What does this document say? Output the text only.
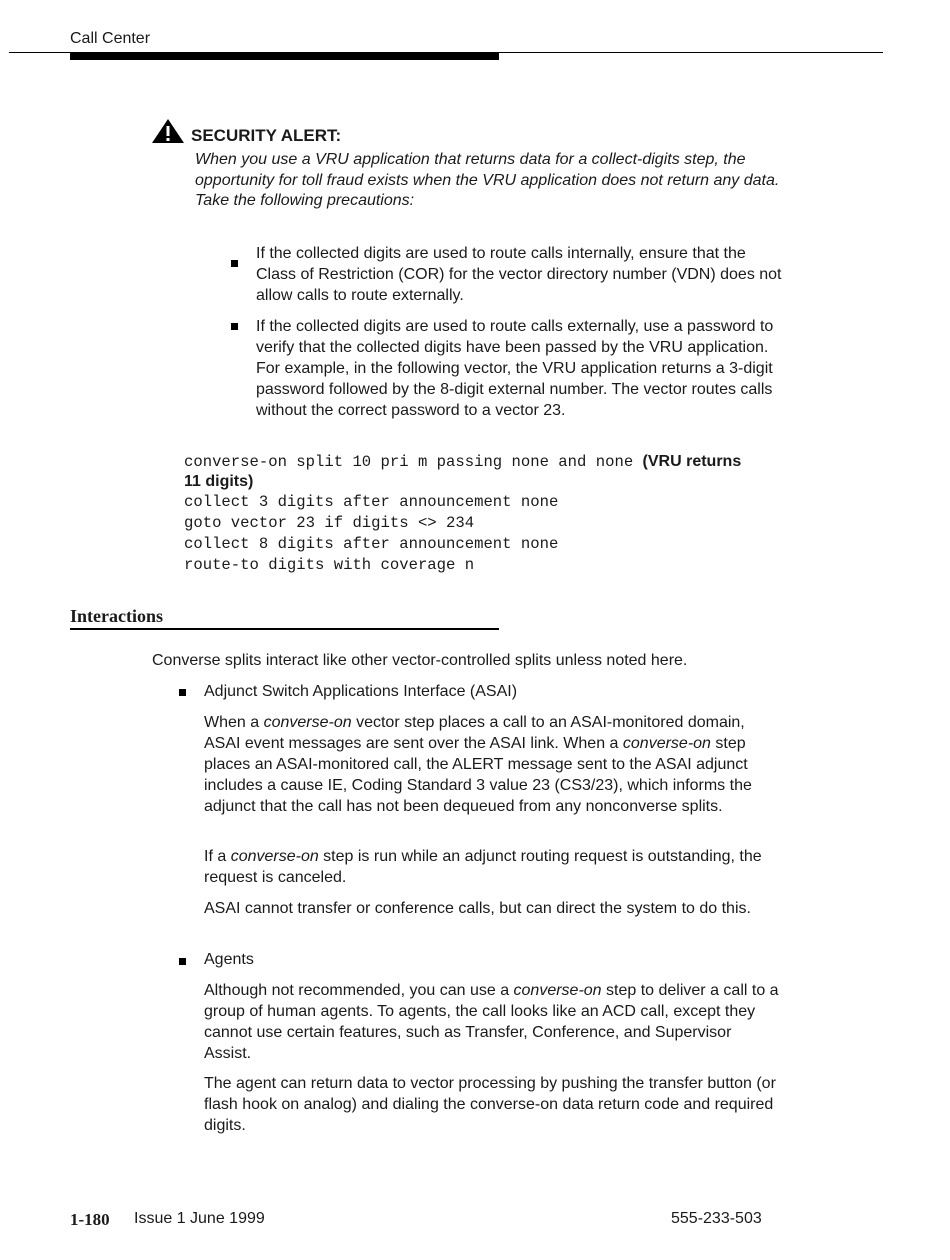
Call Center
SECURITY ALERT:
When you use a VRU application that returns data for a collect-digits step, the opportunity for toll fraud exists when the VRU application does not return any data. Take the following precautions:
If the collected digits are used to route calls internally, ensure that the Class of Restriction (COR) for the vector directory number (VDN) does not allow calls to route externally.
If the collected digits are used to route calls externally, use a password to verify that the collected digits have been passed by the VRU application. For example, in the following vector, the VRU application returns a 3-digit password followed by the 8-digit external number. The vector routes calls without the correct password to a vector 23.
converse-on split 10 pri m passing none and none (VRU returns
11 digits)
collect 3 digits after announcement none
goto vector 23 if digits <> 234
collect 8 digits after announcement none
route-to digits with coverage n
Interactions
Converse splits interact like other vector-controlled splits unless noted here.
Adjunct Switch Applications Interface (ASAI)
When a converse-on vector step places a call to an ASAI-monitored domain, ASAI event messages are sent over the ASAI link. When a converse-on step places an ASAI-monitored call, the ALERT message sent to the ASAI adjunct includes a cause IE, Coding Standard 3 value 23 (CS3/23), which informs the adjunct that the call has not been dequeued from any nonconverse splits.
If a converse-on step is run while an adjunct routing request is outstanding, the request is canceled.
ASAI cannot transfer or conference calls, but can direct the system to do this.
Agents
Although not recommended, you can use a converse-on step to deliver a call to a group of human agents. To agents, the call looks like an ACD call, except they cannot use certain features, such as Transfer, Conference, and Supervisor Assist.
The agent can return data to vector processing by pushing the transfer button (or flash hook on analog) and dialing the converse-on data return code and required digits.
1-180 Issue 1 June 1999	555-233-503
